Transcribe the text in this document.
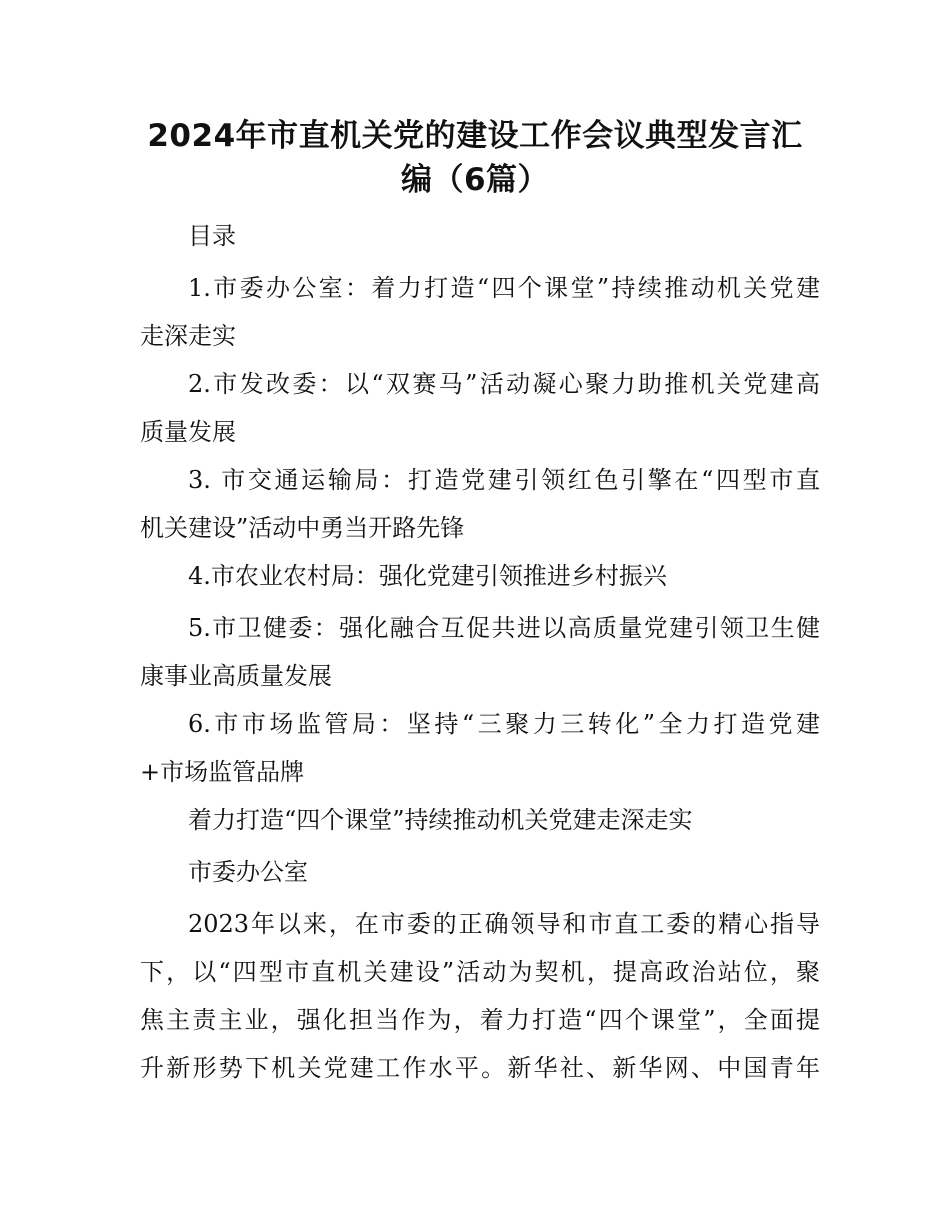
2024年市直机关党的建设工作会议典型发言汇
编（6篇）
目录
1.市委办公室：着力打造“四个课堂”持续推动机关党建
走深走实
2.市发改委：以“双赛马”活动凝心聚力助推机关党建高
质量发展
3. 市交通运输局：打造党建引领红色引擎在“四型市直
机关建设”活动中勇当开路先锋
4.市农业农村局：强化党建引领推进乡村振兴
5.市卫健委：强化融合互促共进以高质量党建引领卫生健
康事业高质量发展
6.市市场监管局：坚持“三聚力三转化”全力打造党建
+市场监管品牌
着力打造“四个课堂”持续推动机关党建走深走实
市委办公室
2023年以来，在市委的正确领导和市直工委的精心指导
下，以“四型市直机关建设”活动为契机，提高政治站位，聚
焦主责主业，强化担当作为，着力打造“四个课堂”，全面提
升新形势下机关党建工作水平。新华社、新华网、中国青年
